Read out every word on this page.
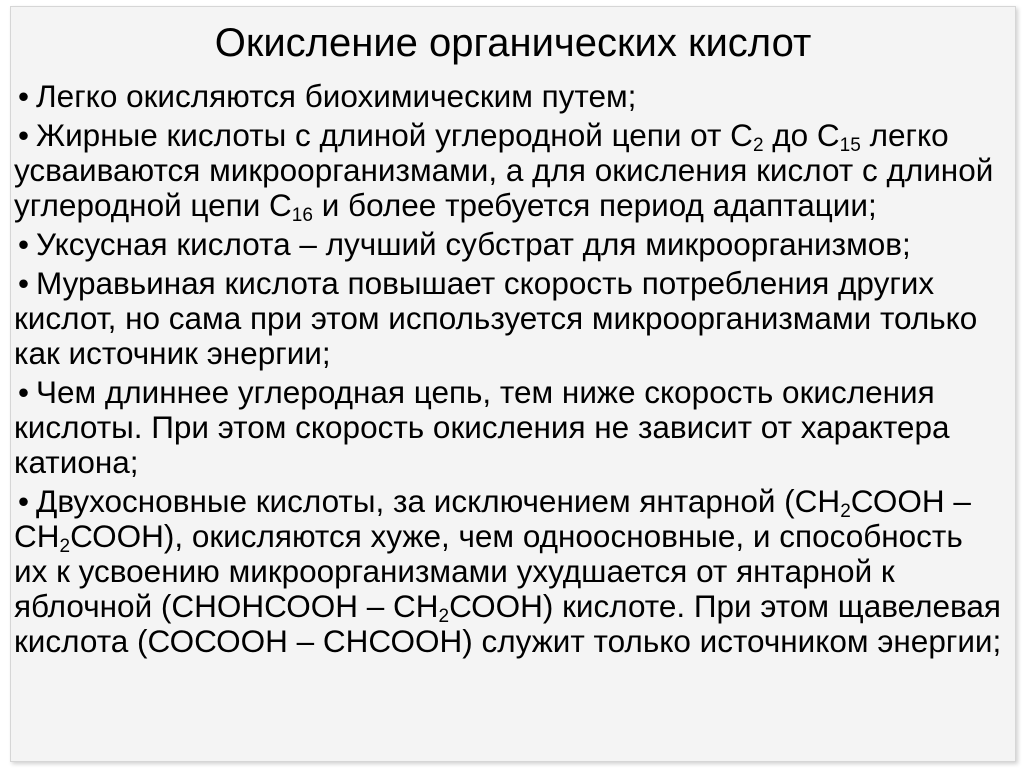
Окисление органических кислот
• Легко окисляются биохимическим путем;
• Жирные кислоты с длиной углеродной цепи от $С_2$ до $С_{15}$ легко усваиваются микроорганизмами, а для окисления кислот с длиной углеродной цепи $С_{16}$ и более требуется период адаптации;
• Уксусная кислота – лучший субстрат для микроорганизмов;
• Муравьиная кислота повышает скорость потребления других кислот, но сама при этом используется микроорганизмами только как источник энергии;
• Чем длиннее углеродная цепь, тем ниже скорость окисления кислоты. При этом скорость окисления не зависит от характера катиона;
• Двухосновные кислоты, за исключением янтарной ($СН_2СООН$ – $СН_2СООН$), окисляются хуже, чем одноосновные, и способность их к усвоению микроорганизмами ухудшается от янтарной к яблочной (СНОНСООН – $СН_2СООН$) кислоте. При этом щавелевая кислота (СОСООН – СНСООН) служит только источником энергии;
